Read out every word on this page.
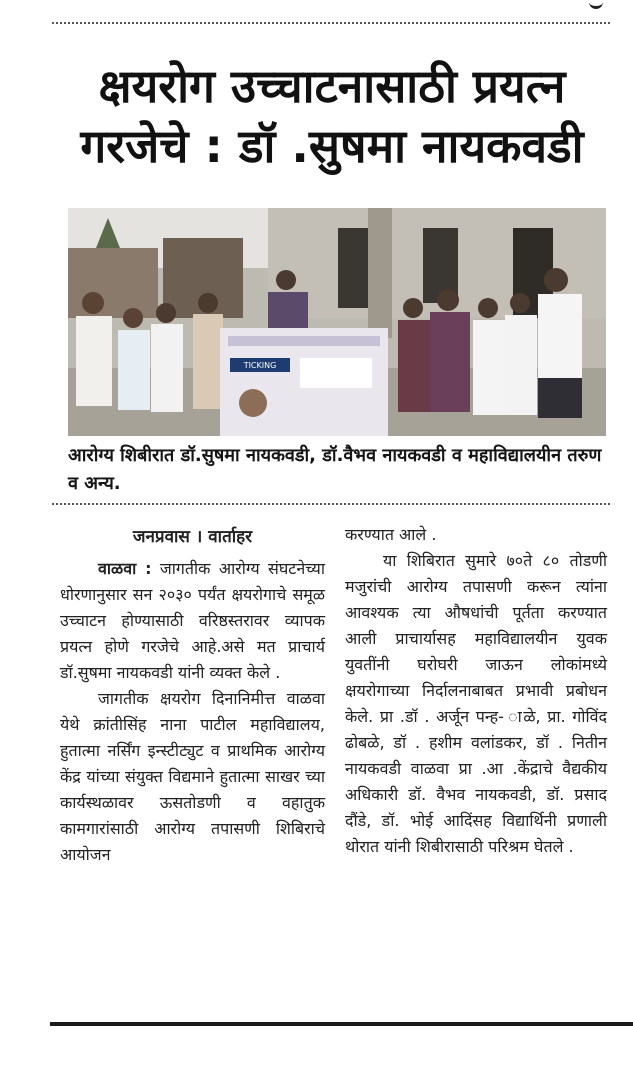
क्षयरोग उच्चाटनासाठी प्रयत्न
गरजेचे : डॉ .सुषमा नायकवडी
TICKING
आरोग्य शिबीरात डॉ.सुषमा नायकवडी, डॉ.वैभव नायकवडी व महाविद्यालयीन तरुण व अन्य.

जनप्रवास । वार्ताहर

वाळवा : जागतीक आरोग्य संघटनेच्या धोरणानुसार सन २०३० पर्यंत क्षयरोगाचे समूळ उच्चाटन होण्यासाठी वरिष्ठस्तरावर व्यापक प्रयत्न होणे गरजेचे आहे.असे मत प्राचार्य डॉ.सुषमा नायकवडी यांनी व्यक्त केले .

जागतीक क्षयरोग दिनानिमीत्त वाळवा येथे क्रांतीसिंह नाना पाटील महाविद्यालय, हुतात्मा नर्सिंग इन्स्टीट्युट व प्राथमिक आरोग्य केंद्र यांच्या संयुक्त विद्यमाने हुतात्मा साखर च्या कार्यस्थळावर ऊसतोडणी व वहातुक कामगारांसाठी आरोग्य तपासणी शिबिराचे आयोजन

करण्यात आले .

या शिबिरात सुमारे ७०ते ८० तोडणी मजुरांची आरोग्य तपासणी करून त्यांना आवश्यक त्या औषधांची पूर्तता करण्यात आली प्राचार्यासह महाविद्यालयीन युवक युवतींनी घरोघरी जाऊन लोकांमध्ये क्षयरोगाच्या निर्दालनाबाबत प्रभावी प्रबोधन केले. प्रा .डॉ . अर्जून पन्ह- ाळे, प्रा. गोविंद ढोबळे, डॉ . हशीम वलांडकर, डॉ . नितीन नायकवडी वाळवा प्रा .आ .केंद्राचे वैद्यकीय अधिकारी डॉ. वैभव नायकवडी, डॉ. प्रसाद दौंडे, डॉ. भोई आदिंसह विद्यार्थिनी प्रणाली थोरात यांनी शिबीरासाठी परिश्रम घेतले .
